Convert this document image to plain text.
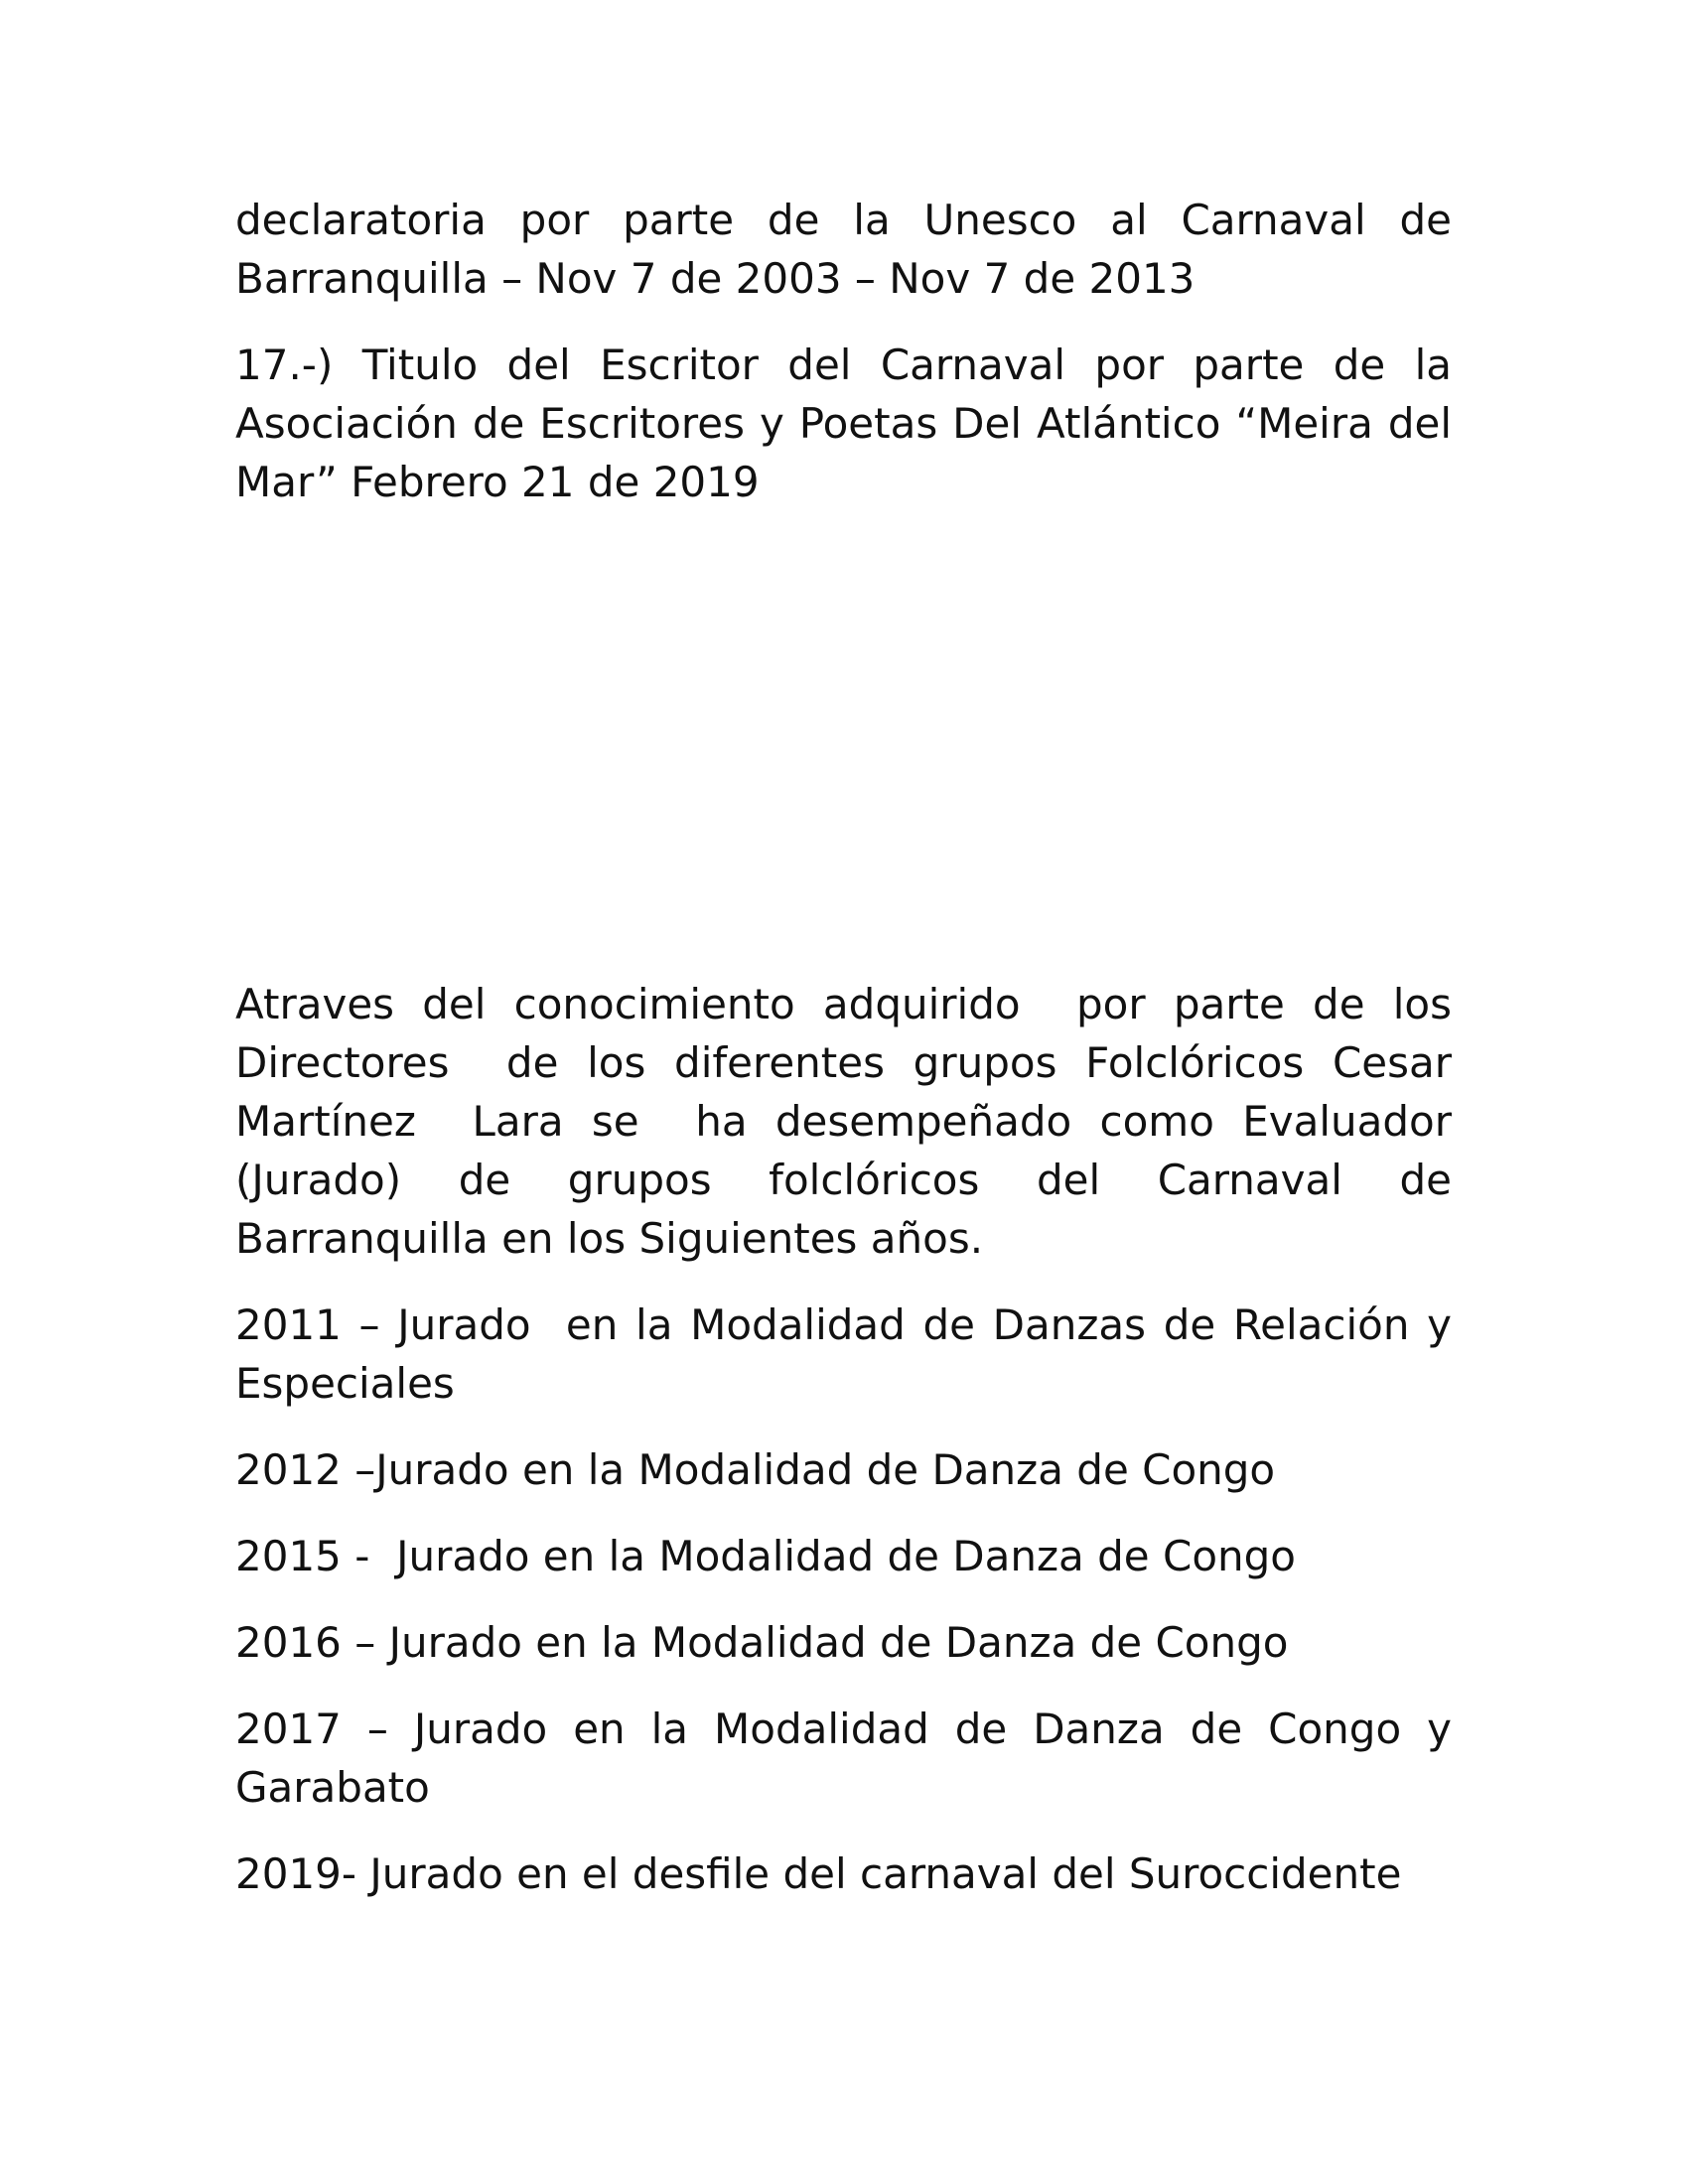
declaratoria por parte de la Unesco al Carnaval de Barranquilla – Nov 7 de 2003 – Nov 7 de 2013

17.-) Titulo del Escritor del Carnaval por parte de la Asociación de Escritores y Poetas Del Atlántico “Meira del Mar” Febrero 21 de 2019

Atraves del conocimiento adquirido  por parte de los Directores  de los diferentes grupos Folclóricos Cesar Martínez  Lara se  ha desempeñado como Evaluador (Jurado) de grupos folclóricos del Carnaval de Barranquilla en los Siguientes años.

2011 – Jurado  en la Modalidad de Danzas de Relación y Especiales

2012 –Jurado en la Modalidad de Danza de Congo

2015 -  Jurado en la Modalidad de Danza de Congo

2016 – Jurado en la Modalidad de Danza de Congo

2017 – Jurado en la Modalidad de Danza de Congo y Garabato

2019- Jurado en el desfile del carnaval del Suroccidente
